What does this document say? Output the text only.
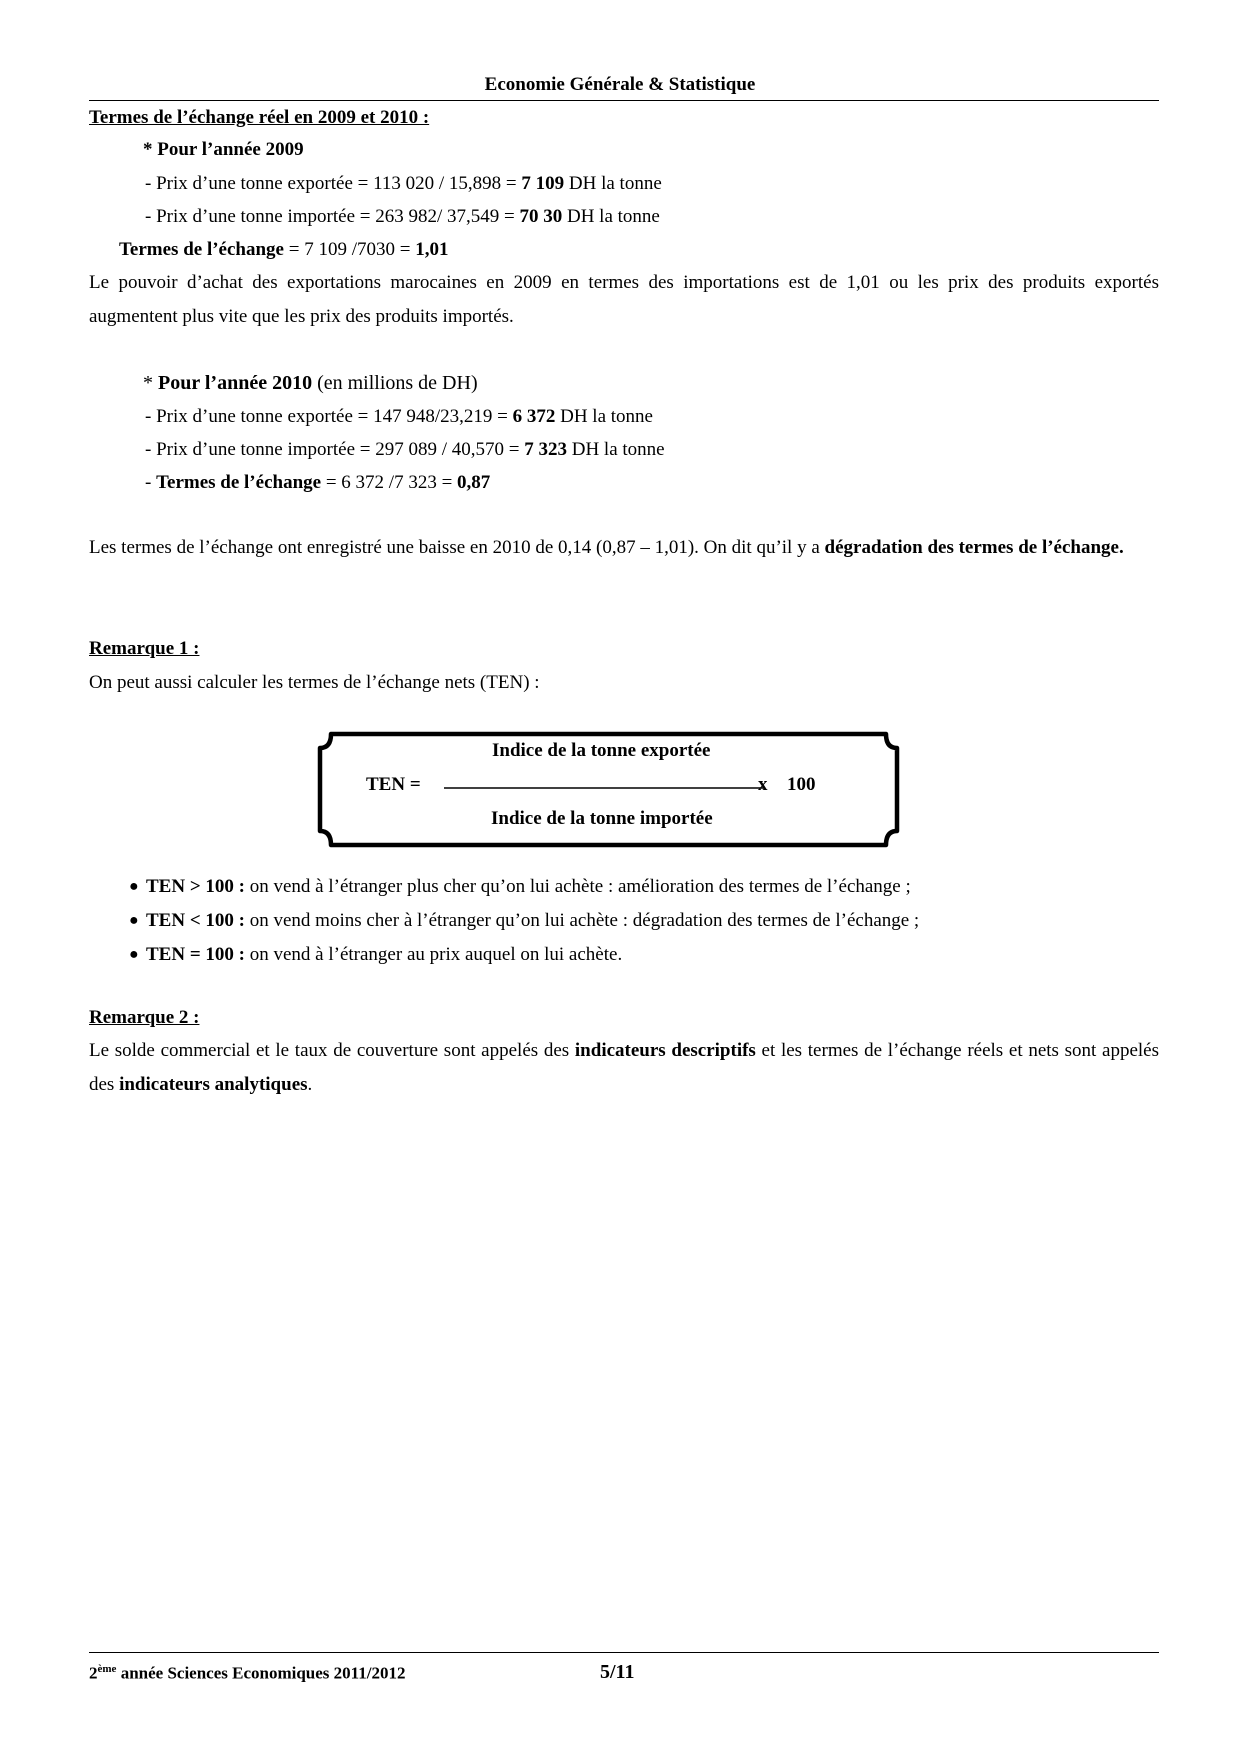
Economie Générale & Statistique
Termes de l’échange réel en 2009 et 2010 :
* Pour l’année 2009
- Prix d’une tonne exportée = 113 020 / 15,898 = 7 109 DH la tonne
- Prix d’une tonne importée = 263 982/ 37,549 = 70 30 DH la tonne
Termes de l’échange = 7 109 /7030 = 1,01
Le pouvoir d’achat des exportations marocaines en 2009 en termes des importations est de 1,01 ou les prix des produits exportés augmentent plus vite que les prix des produits importés.
* Pour l’année 2010 (en millions de DH)
- Prix d’une tonne exportée = 147 948/23,219 = 6 372 DH la tonne
- Prix d’une tonne importée = 297 089 / 40,570 = 7 323 DH la tonne
- Termes de l’échange = 6 372 /7 323 = 0,87
Les termes de l’échange ont enregistré une baisse en 2010 de 0,14 (0,87 – 1,01). On dit qu’il y a dégradation des termes de l’échange.
Remarque 1 :
On peut aussi calculer les termes de l’échange nets (TEN) :
Indice de la tonne exportée
TEN =	x 100
Indice de la tonne importée
● TEN > 100 : on vend à l’étranger plus cher qu’on lui achète : amélioration des termes de l’échange ;
● TEN < 100 : on vend moins cher à l’étranger qu’on lui achète : dégradation des termes de l’échange ;
● TEN = 100 : on vend à l’étranger au prix auquel on lui achète.
Remarque 2 :
Le solde commercial et le taux de couverture sont appelés des indicateurs descriptifs et les termes de l’échange réels et nets sont appelés des indicateurs analytiques.
2ème année Sciences Economiques 2011/2012	5/11
